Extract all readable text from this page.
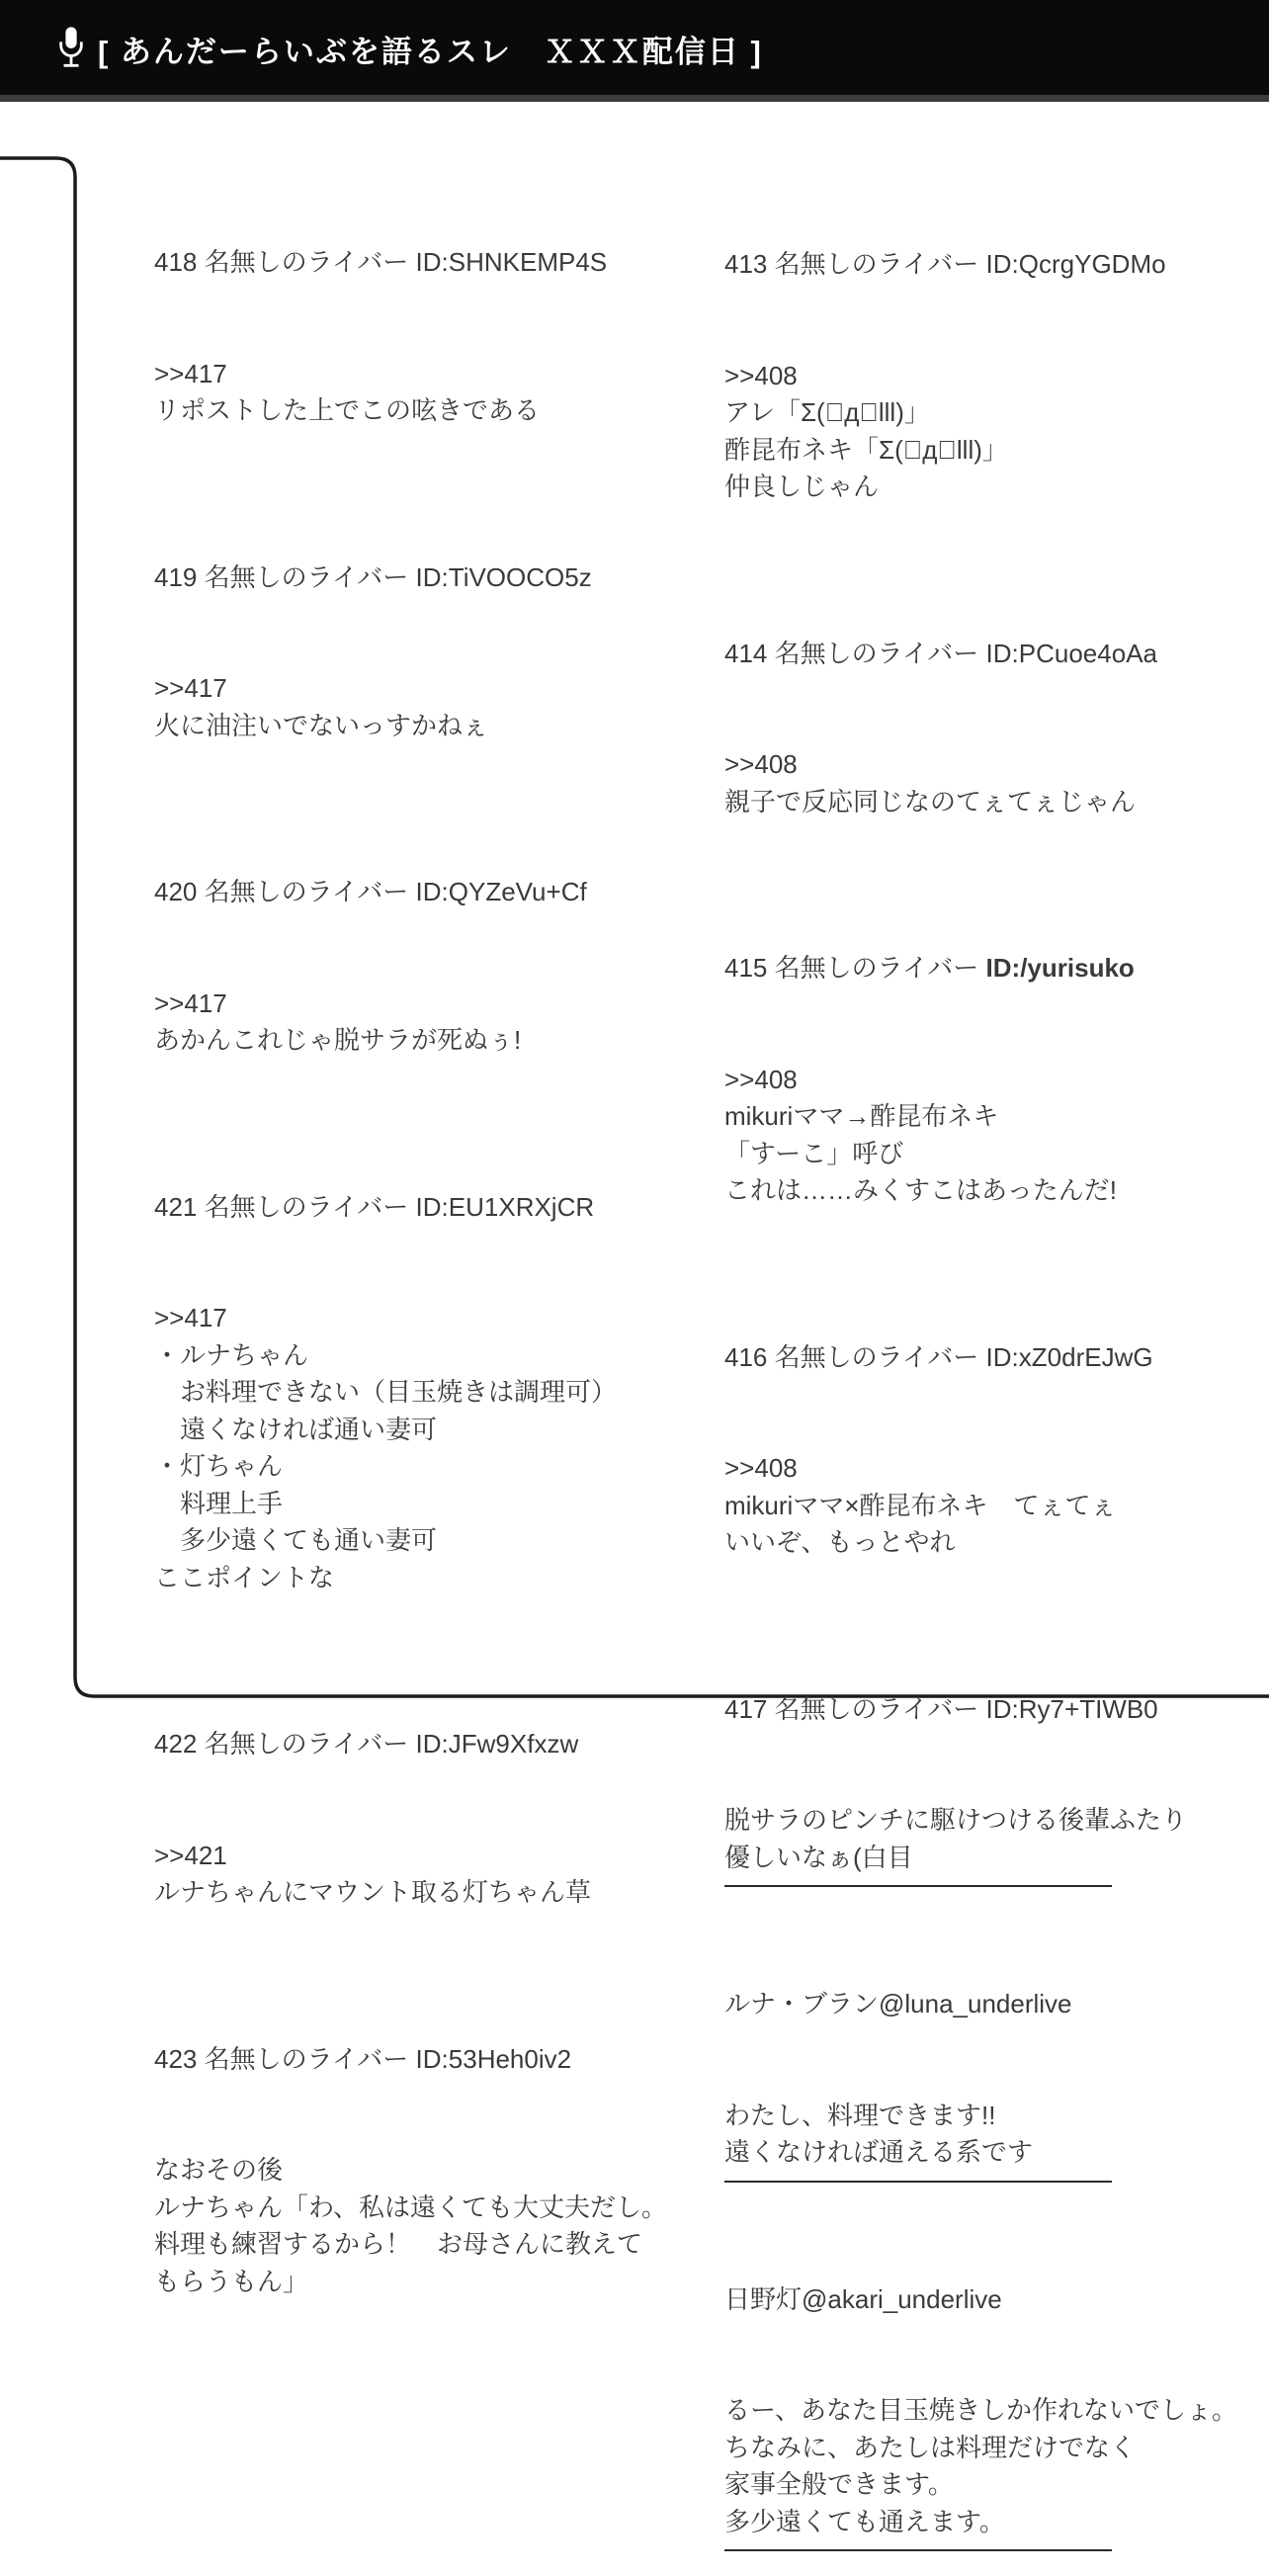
[ あんだーらいぶを語るスレ　ＸＸＸ配信日 ]

418 名無しのライバー ID:SHNKEMP4S

>>417
リポストした上でこの呟きである

419 名無しのライバー ID:TiVOOCO5z

>>417
火に油注いでないっすかねぇ

420 名無しのライバー ID:QYZeVu+Cf

>>417
あかんこれじゃ脱サラが死ぬぅ!

421 名無しのライバー ID:EU1XRXjCR

>>417
・ルナちゃん
　お料理できない（目玉焼きは調理可）
　遠くなければ通い妻可
・灯ちゃん
　料理上手
　多少遠くても通い妻可
ここポイントな

422 名無しのライバー ID:JFw9Xfxzw

>>421
ルナちゃんにマウント取る灯ちゃん草

423 名無しのライバー ID:53Heh0iv2

なおその後
ルナちゃん「わ、私は遠くても大丈夫だし。
料理も練習するから！　お母さんに教えて
もらうもん」

413 名無しのライバー ID:QcrgYGDMo

>>408
アレ「Σ(゚д゚lll)」
酢昆布ネキ「Σ(゚д゚lll)」
仲良しじゃん

414 名無しのライバー ID:PCuoe4oAa

>>408
親子で反応同じなのてぇてぇじゃん

415 名無しのライバー ID:/yurisuko

>>408
mikuriママ→酢昆布ネキ
「すーこ」呼び
これは……みくすこはあったんだ!

416 名無しのライバー ID:xZ0drEJwG

>>408
mikuriママ×酢昆布ネキ　てぇてぇ
いいぞ、もっとやれ

417 名無しのライバー ID:Ry7+TIWB0

脱サラのピンチに駆けつける後輩ふたり
優しいなぁ(白目

ルナ・ブラン@luna_underlive

わたし、料理できます!!
遠くなければ通える系です

日野灯@akari_underlive

るー、あなた目玉焼きしか作れないでしょ。
ちなみに、あたしは料理だけでなく
家事全般できます。
多少遠くても通えます。
